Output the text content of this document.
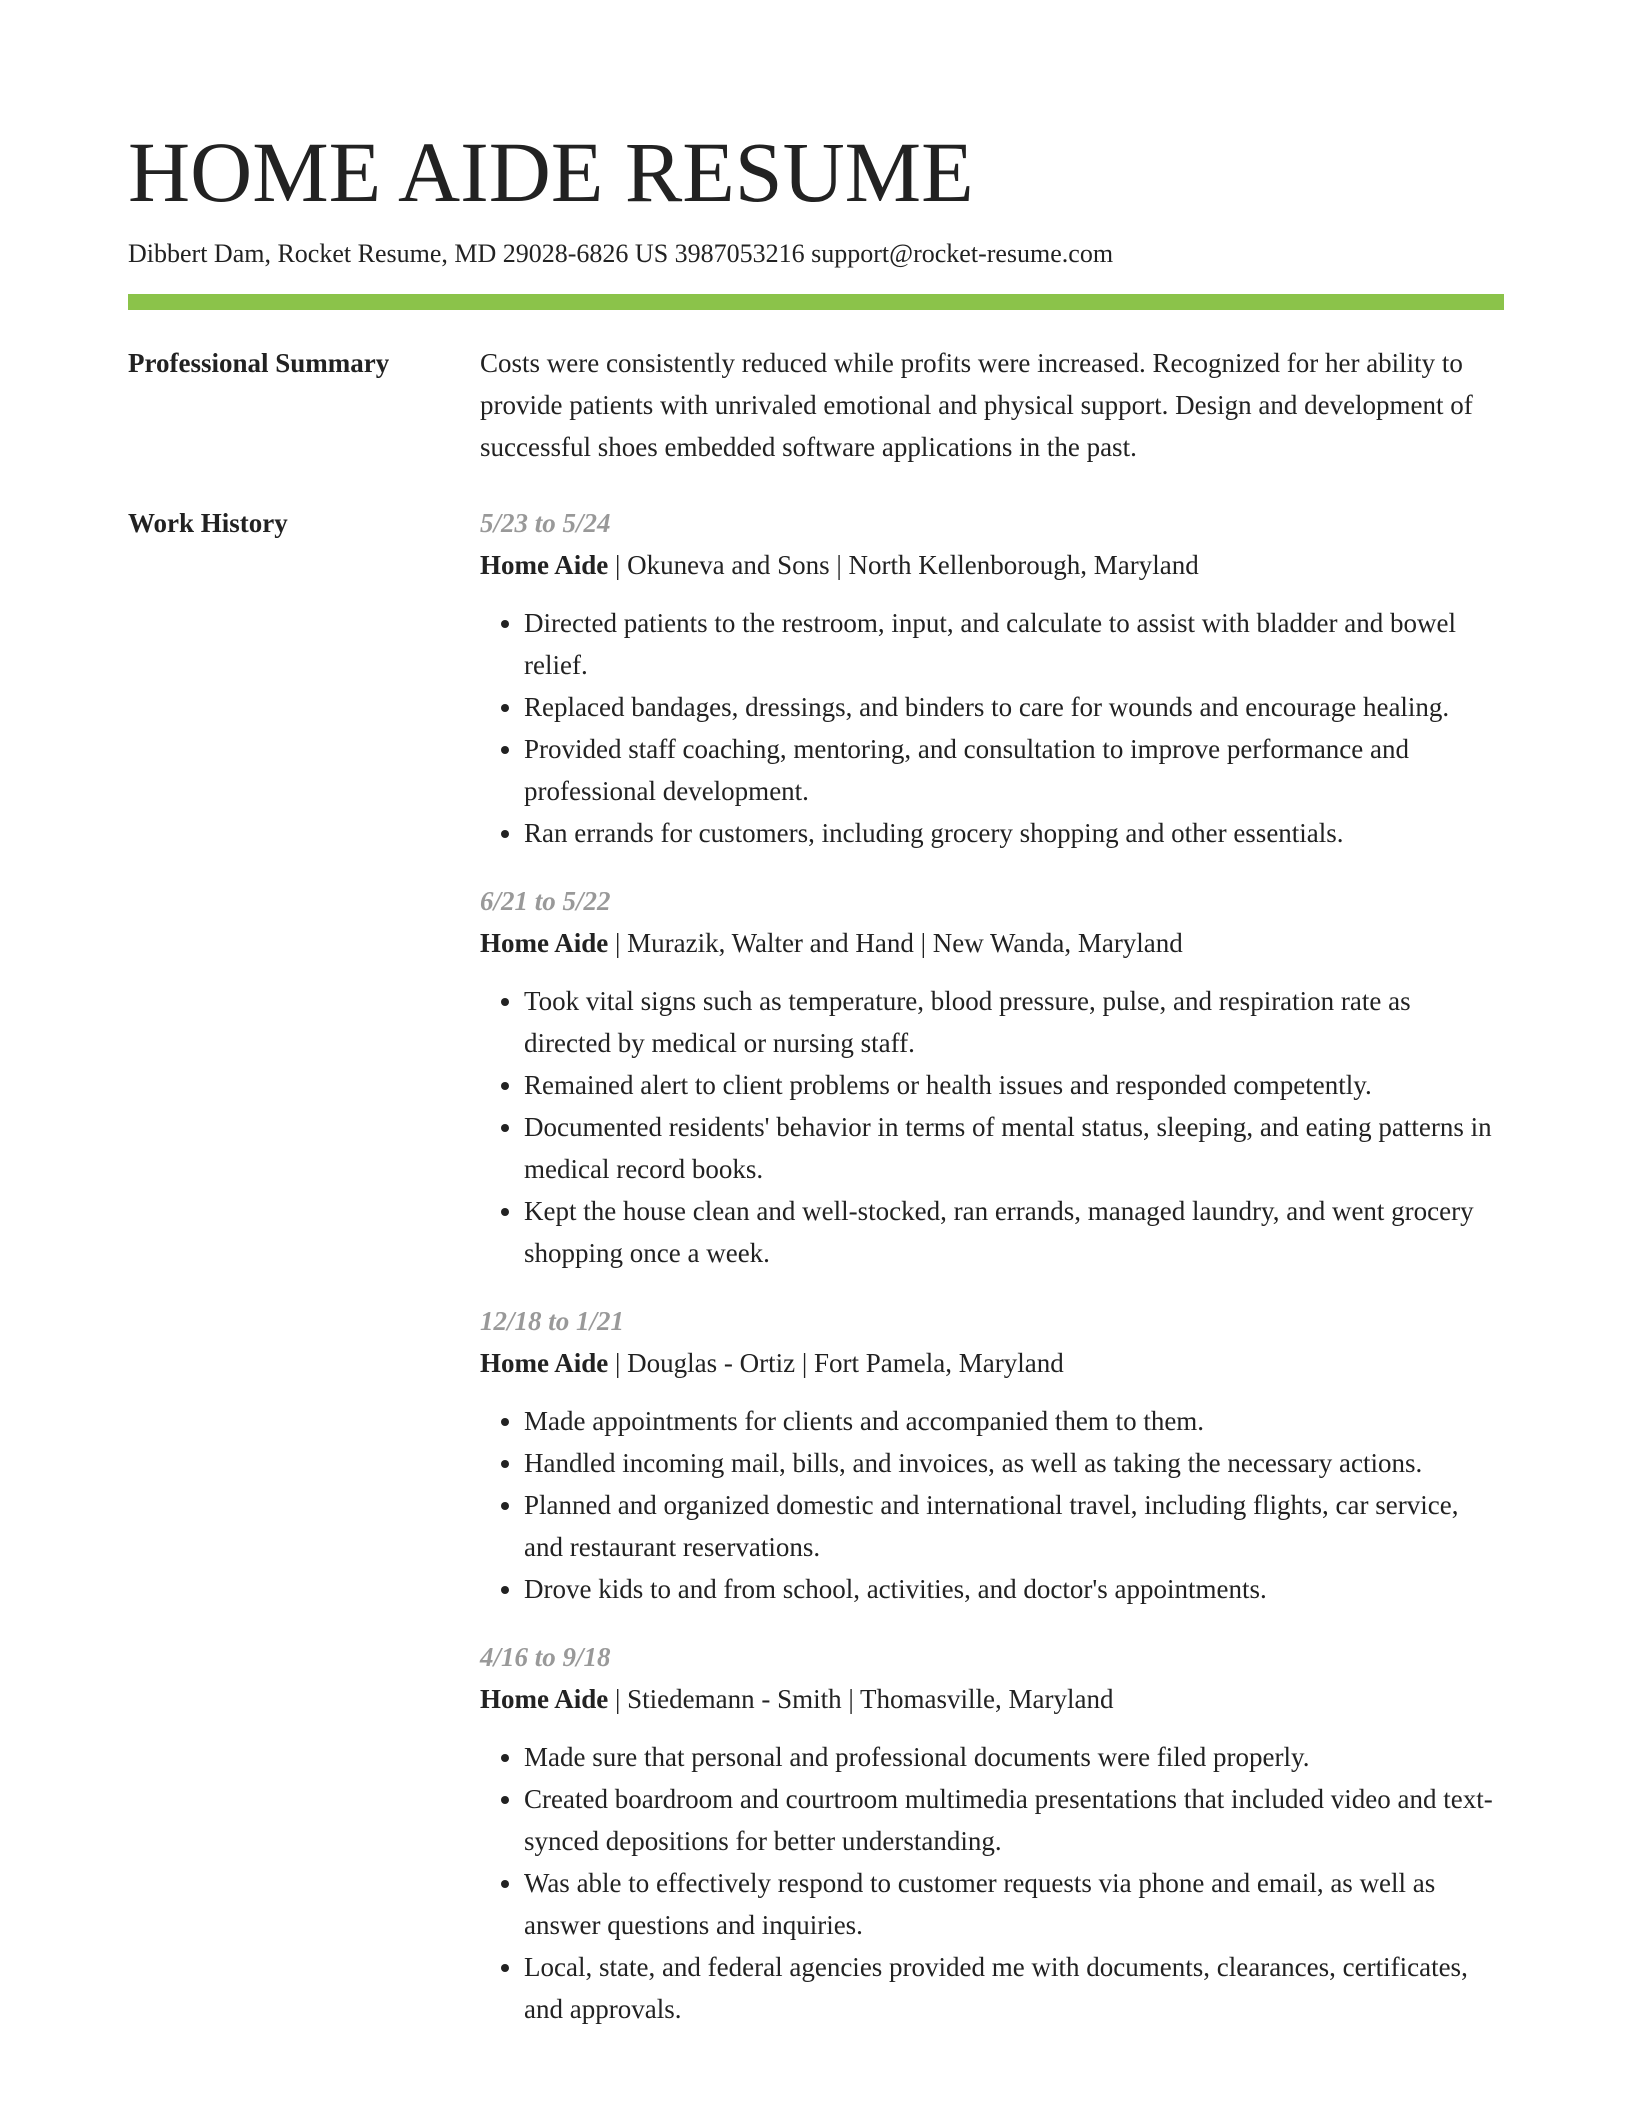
HOME AIDE RESUME
Dibbert Dam, Rocket Resume, MD 29028-6826 US 3987053216 support@rocket-resume.com
Professional Summary	Costs were consistently reduced while profits were increased. Recognized for her ability to provide patients with unrivaled emotional and physical support. Design and development of successful shoes embedded software applications in the past.

Work History	5/23 to 5/24
Home Aide | Okuneva and Sons | North Kellenborough, Maryland
• Directed patients to the restroom, input, and calculate to assist with bladder and bowel relief.
• Replaced bandages, dressings, and binders to care for wounds and encourage healing.
• Provided staff coaching, mentoring, and consultation to improve performance and professional development.
• Ran errands for customers, including grocery shopping and other essentials.
6/21 to 5/22
Home Aide | Murazik, Walter and Hand | New Wanda, Maryland
• Took vital signs such as temperature, blood pressure, pulse, and respiration rate as directed by medical or nursing staff.
• Remained alert to client problems or health issues and responded competently.
• Documented residents' behavior in terms of mental status, sleeping, and eating patterns in medical record books.
• Kept the house clean and well-stocked, ran errands, managed laundry, and went grocery shopping once a week.
12/18 to 1/21
Home Aide | Douglas - Ortiz | Fort Pamela, Maryland
• Made appointments for clients and accompanied them to them.
• Handled incoming mail, bills, and invoices, as well as taking the necessary actions.
• Planned and organized domestic and international travel, including flights, car service, and restaurant reservations.
• Drove kids to and from school, activities, and doctor's appointments.
4/16 to 9/18
Home Aide | Stiedemann - Smith | Thomasville, Maryland
• Made sure that personal and professional documents were filed properly.
• Created boardroom and courtroom multimedia presentations that included video and text-synced depositions for better understanding.
• Was able to effectively respond to customer requests via phone and email, as well as answer questions and inquiries.
• Local, state, and federal agencies provided me with documents, clearances, certificates, and approvals.
